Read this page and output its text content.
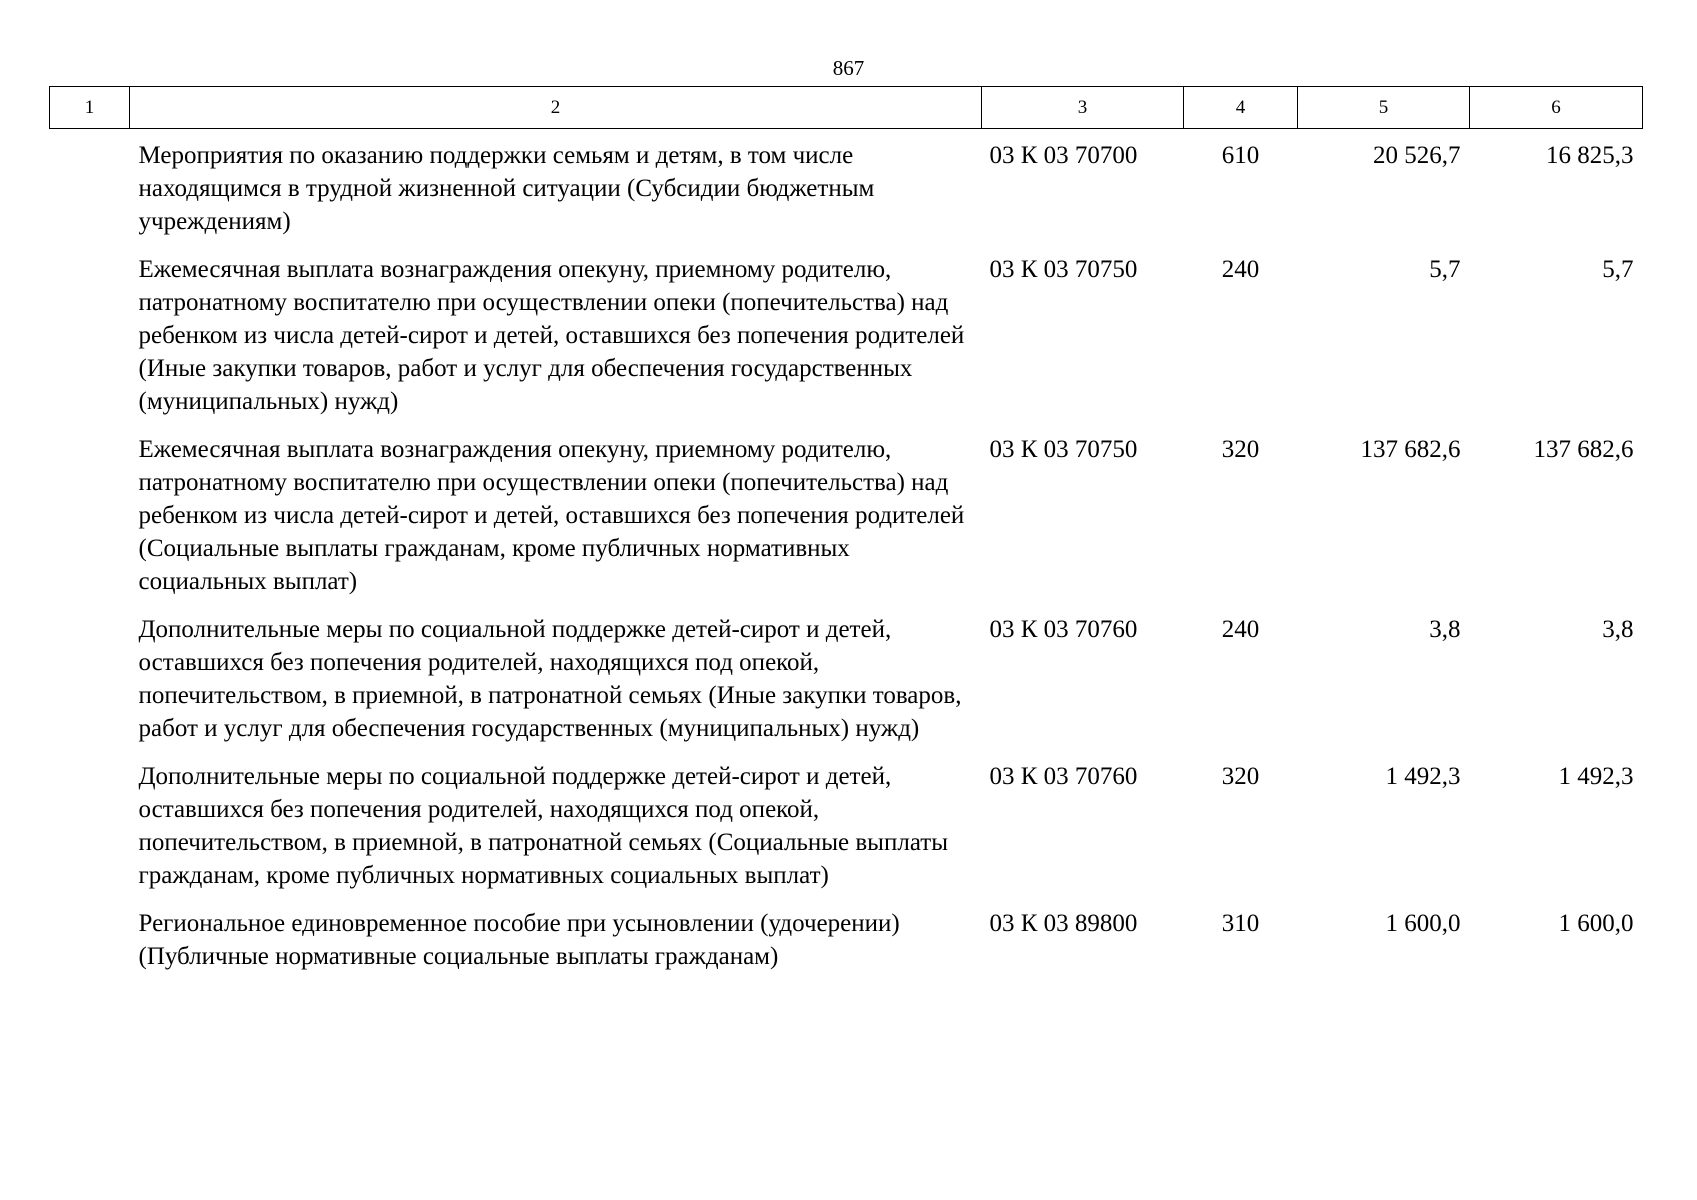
867
1	2	3	4	5	6
	Мероприятия по оказанию поддержки семьям и детям, в том числе находящимся в трудной жизненной ситуации (Субсидии бюджетным учреждениям)	03 К 03 70700	610	20 526,7	16 825,3
	Ежемесячная выплата вознаграждения опекуну, приемному родителю, патронатному воспитателю при осуществлении опеки (попечительства) над ребенком из числа детей-сирот и детей, оставшихся без попечения родителей (Иные закупки товаров, работ и услуг для обеспечения государственных (муниципальных) нужд)	03 К 03 70750	240	5,7	5,7
	Ежемесячная выплата вознаграждения опекуну, приемному родителю, патронатному воспитателю при осуществлении опеки (попечительства) над ребенком из числа детей-сирот и детей, оставшихся без попечения родителей (Социальные выплаты гражданам, кроме публичных нормативных социальных выплат)	03 К 03 70750	320	137 682,6	137 682,6
	Дополнительные меры по социальной поддержке детей-сирот и детей, оставшихся без попечения родителей, находящихся под опекой, попечительством, в приемной, в патронатной семьях (Иные закупки товаров, работ и услуг для обеспечения государственных (муниципальных) нужд)	03 К 03 70760	240	3,8	3,8
	Дополнительные меры по социальной поддержке детей-сирот и детей, оставшихся без попечения родителей, находящихся под опекой, попечительством, в приемной, в патронатной семьях (Социальные выплаты гражданам, кроме публичных нормативных социальных выплат)	03 К 03 70760	320	1 492,3	1 492,3
	Региональное единовременное пособие при усыновлении (удочерении) (Публичные нормативные социальные выплаты гражданам)	03 К 03 89800	310	1 600,0	1 600,0
